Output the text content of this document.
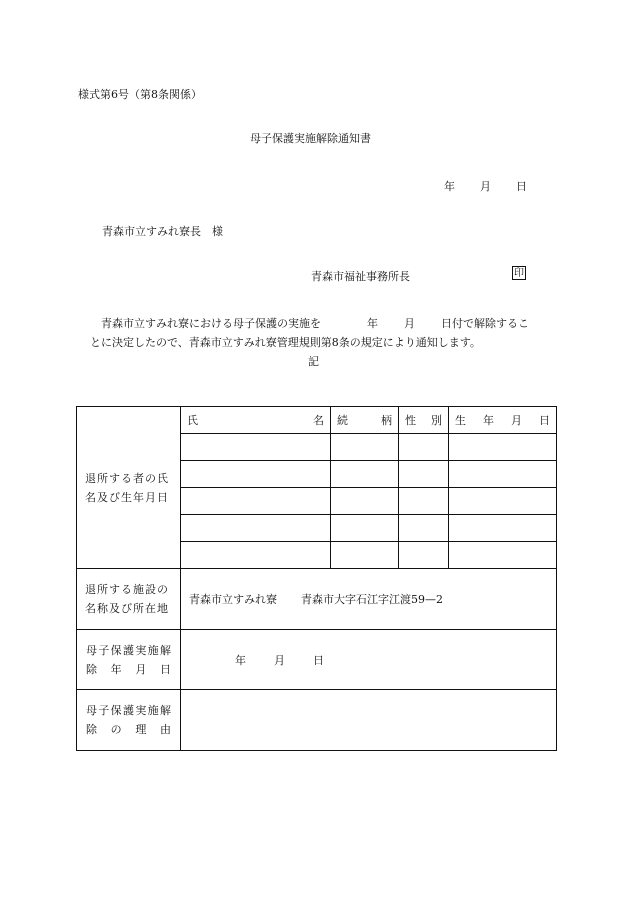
様式第6号（第8条関係）
母子保護実施解除通知書
年 月 日
青森市立すみれ寮長　様
青森市福祉事務所長	印
青森市立すみれ寮における母子保護の実施を	年 月 日付で解除するこ
とに決定したので、青森市立すみれ寮管理規則第8条の規定により通知します。
記
退所する者の氏名及び生年月日	氏 名	続 柄	性 別	生 年 月 日

退所する施設の名称及び所在地	青森市立すみれ寮 青森市大字石江字江渡59—2			
母子保護実施解除年月日	年 月 日			
母子保護実施解除の理由				
